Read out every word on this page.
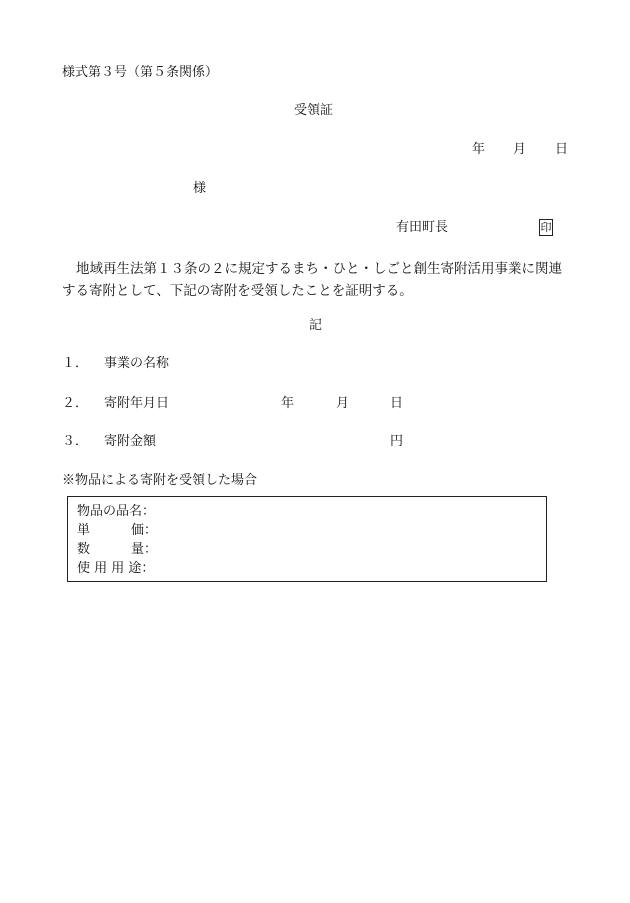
様式第３号（第５条関係）
受領証
年 月 日
様
有田町長	印
地域再生法第１３条の２に規定するまち・ひと・しごと創生寄附活用事業に関連
する寄附として、下記の寄附を受領したことを証明する。
記
１． 事業の名称
２． 寄附年月日	年	月	日
３． 寄附金額	円
※物品による寄附を受領した場合
物品の品名：
単	価：
数	量：
使 用 用 途：
